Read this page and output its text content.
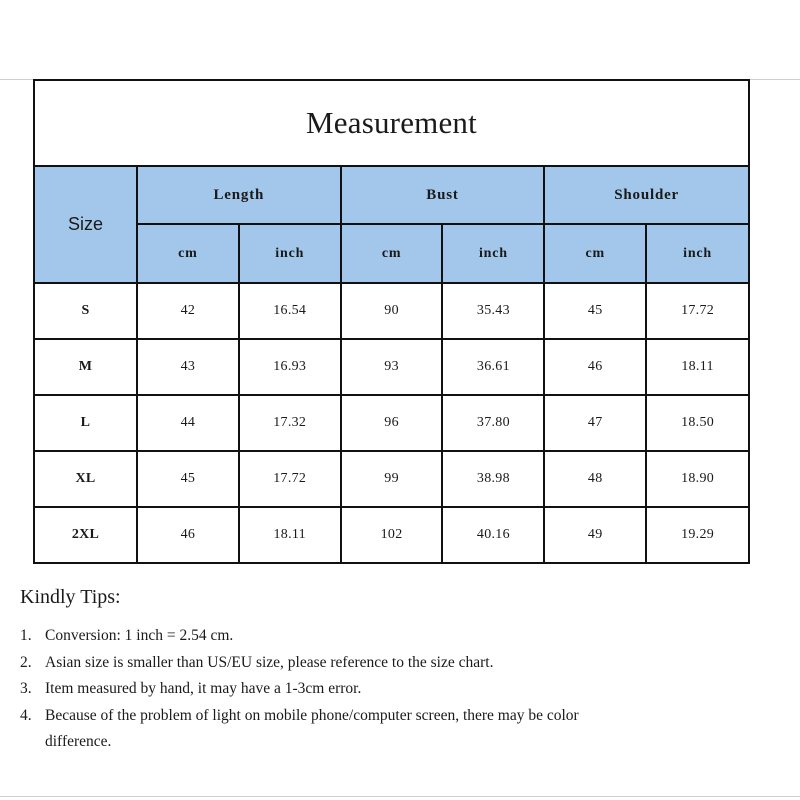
Measurement
Size	Length		Bust		Shoulder	
	cm	inch	cm	inch	cm	inch
S	42	16.54	90	35.43	45	17.72
M	43	16.93	93	36.61	46	18.11
L	44	17.32	96	37.80	47	18.50
XL	45	17.72	99	38.98	48	18.90
2XL	46	18.11	102	40.16	49	19.29
Kindly Tips:
1. Conversion: 1 inch = 2.54 cm.
2. Asian size is smaller than US/EU size, please reference to the size chart.
3. Item measured by hand, it may have a 1-3cm error.
4. Because of the problem of light on mobile phone/computer screen, there may be color difference.
